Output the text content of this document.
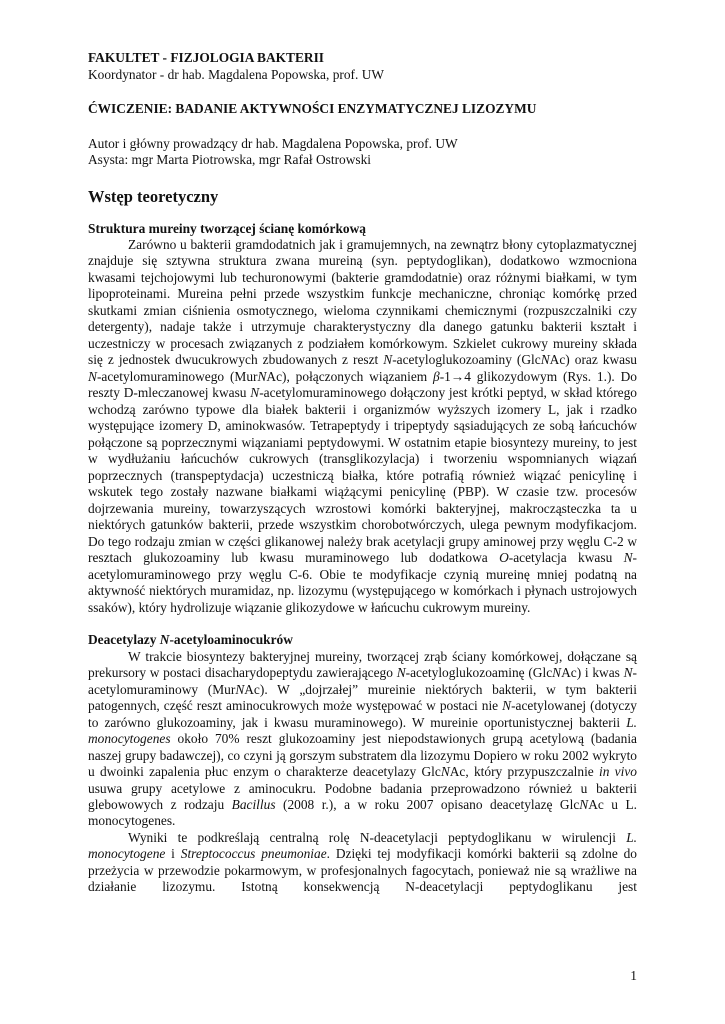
FAKULTET - FIZJOLOGIA BAKTERII

Koordynator - dr hab. Magdalena Popowska, prof. UW

ĆWICZENIE: BADANIE AKTYWNOŚCI ENZYMATYCZNEJ LIZOZYMU

Autor i główny prowadzący dr hab. Magdalena Popowska, prof. UW

Asysta: mgr Marta Piotrowska, mgr Rafał Ostrowski

Wstęp teoretyczny

Struktura mureiny tworzącej ścianę komórkową

Zarówno u bakterii gramdodatnich jak i gramujemnych, na zewnątrz błony cytoplazmatycznej znajduje się sztywna struktura zwana mureiną (syn. peptydoglikan), dodatkowo wzmocniona kwasami tejchojowymi lub techuronowymi (bakterie gramdodatnie) oraz różnymi białkami, w tym lipoproteinami. Mureina pełni przede wszystkim funkcje mechaniczne, chroniąc komórkę przed skutkami zmian ciśnienia osmotycznego, wieloma czynnikami chemicznymi (rozpuszczalniki czy detergenty), nadaje także i utrzymuje charakterystyczny dla danego gatunku bakterii kształt i uczestniczy w procesach związanych z podziałem komórkowym. Szkielet cukrowy mureiny składa się z jednostek dwucukrowych zbudowanych z reszt N-acetyloglukozoaminy (GlcNAc) oraz kwasu N-acetylomuraminowego (MurNAc), połączonych wiązaniem β-1→4 glikozydowym (Rys. 1.). Do reszty D-mleczanowej kwasu N-acetylomuraminowego dołączony jest krótki peptyd, w skład którego wchodzą zarówno typowe dla białek bakterii i organizmów wyższych izomery L, jak i rzadko występujące izomery D, aminokwasów. Tetrapeptydy i tripeptydy sąsiadujących ze sobą łańcuchów połączone są poprzecznymi wiązaniami peptydowymi. W ostatnim etapie biosyntezy mureiny, to jest w wydłużaniu łańcuchów cukrowych (transglikozylacja) i tworzeniu wspomnianych wiązań poprzecznych (transpeptydacja) uczestniczą białka, które potrafią również wiązać penicylinę i wskutek tego zostały nazwane białkami wiążącymi penicylinę (PBP). W czasie tzw. procesów dojrzewania mureiny, towarzyszących wzrostowi komórki bakteryjnej, makrocząsteczka ta u niektórych gatunków bakterii, przede wszystkim chorobotwórczych, ulega pewnym modyfikacjom. Do tego rodzaju zmian w części glikanowej należy brak acetylacji grupy aminowej przy węglu C-2 w resztach glukozoaminy lub kwasu muraminowego lub dodatkowa O-acetylacja kwasu N-acetylomuraminowego przy węglu C-6. Obie te modyfikacje czynią mureinę mniej podatną na aktywność niektórych muramidaz, np. lizozymu (występującego w komórkach i płynach ustrojowych ssaków), który hydrolizuje wiązanie glikozydowe w łańcuchu cukrowym mureiny.

Deacetylazy N-acetyloaminocukrów

W trakcie biosyntezy bakteryjnej mureiny, tworzącej zrąb ściany komórkowej, dołączane są prekursory w postaci disacharydopeptydu zawierającego N-acetyloglukozoaminę (GlcNAc) i kwas N-acetylomuraminowy (MurNAc). W „dojrzałej” mureinie niektórych bakterii, w tym bakterii patogennych, część reszt aminocukrowych może występować w postaci nie N-acetylowanej (dotyczy to zarówno glukozoaminy, jak i kwasu muraminowego). W mureinie oportunistycznej bakterii L. monocytogenes około 70% reszt glukozoaminy jest niepodstawionych grupą acetylową (badania naszej grupy badawczej), co czyni ją gorszym substratem dla lizozymu Dopiero w roku 2002 wykryto u dwoinki zapalenia płuc enzym o charakterze deacetylazy GlcNAc, który przypuszczalnie in vivo usuwa grupy acetylowe z aminocukru. Podobne badania przeprowadzono również u bakterii glebowowych z rodzaju Bacillus (2008 r.), a w roku 2007 opisano deacetylazę GlcNAc u L. monocytogenes.

Wyniki te podkreślają centralną rolę N-deacetylacji peptydoglikanu w wirulencji L. monocytogene i Streptococcus pneumoniae. Dzięki tej modyfikacji komórki bakterii są zdolne do przeżycia w przewodzie pokarmowym, w profesjonalnych fagocytach, ponieważ nie są wrażliwe na działanie lizozymu. Istotną konsekwencją N-deacetylacji peptydoglikanu jest

1
